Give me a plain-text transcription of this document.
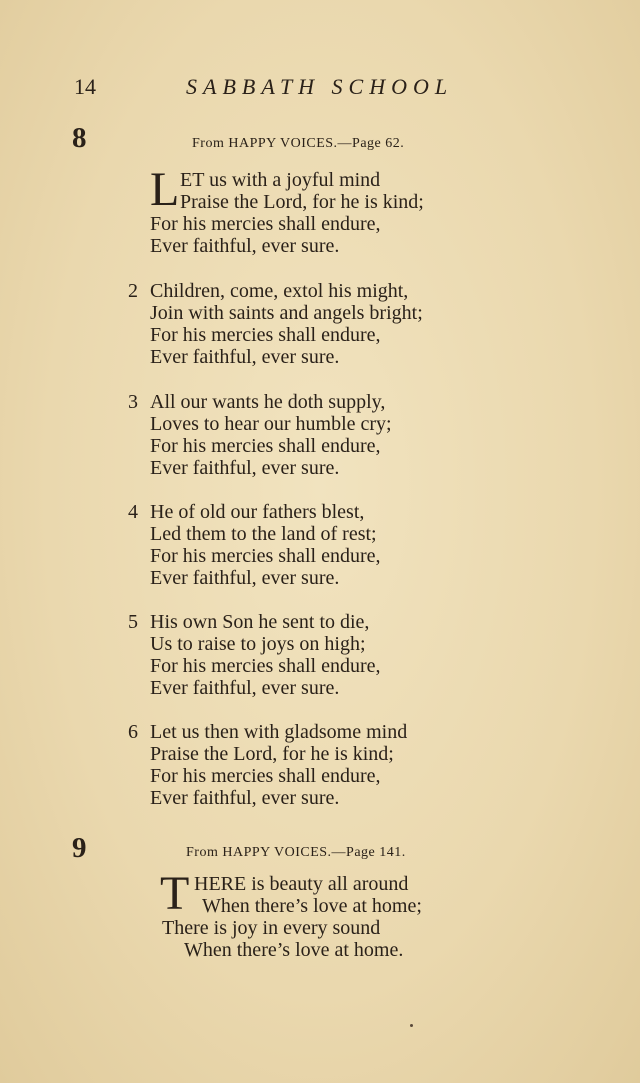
14	SABBATH SCHOOL
8	From HAPPY VOICES.—Page 62.
L ET us with a joyful mind
Praise the Lord, for he is kind;
For his mercies shall endure,
Ever faithful, ever sure.
2 Children, come, extol his might,
Join with saints and angels bright;
For his mercies shall endure,
Ever faithful, ever sure.
3 All our wants he doth supply,
Loves to hear our humble cry;
For his mercies shall endure,
Ever faithful, ever sure.
4 He of old our fathers blest,
Led them to the land of rest;
For his mercies shall endure,
Ever faithful, ever sure.
5 His own Son he sent to die,
Us to raise to joys on high;
For his mercies shall endure,
Ever faithful, ever sure.
6 Let us then with gladsome mind
Praise the Lord, for he is kind;
For his mercies shall endure,
Ever faithful, ever sure.
9	From HAPPY VOICES.—Page 141.
T HERE is beauty all around
When there’s love at home;
There is joy in every sound
When there’s love at home.
